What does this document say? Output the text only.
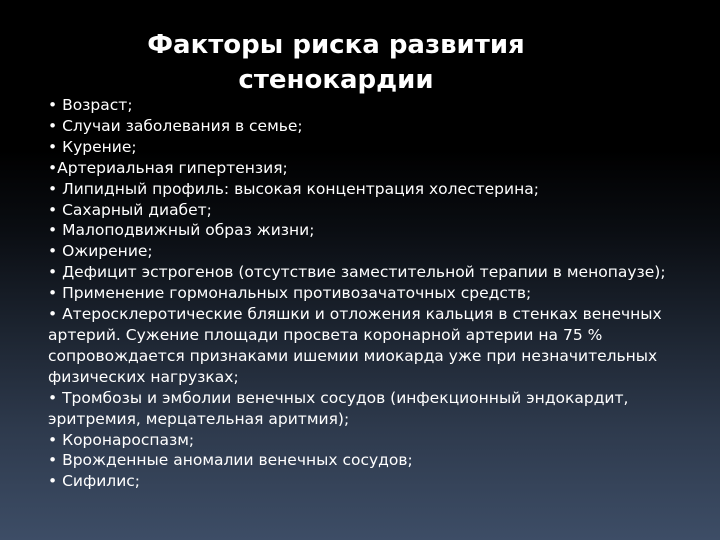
Факторы риска развития
стенокардии
• Возраст;
• Случаи заболевания в семье;
• Курение;
•Артериальная гипертензия;
• Липидный профиль: высокая концентрация холестерина;
• Сахарный диабет;
• Малоподвижный образ жизни;
• Ожирение;
• Дефицит эстрогенов (отсутствие заместительной терапии в менопаузе);
• Применение гормональных противозачаточных средств;
• Атеросклеротические бляшки и отложения кальция в стенках венечных артерий. Сужение площади просвета коронарной артерии на 75 % сопровождается признаками ишемии миокарда уже при незначительных физических нагрузках;
• Тромбозы и эмболии венечных сосудов (инфекционный эндокардит, эритремия, мерцательная аритмия);
• Коронароспазм;
• Врожденные аномалии венечных сосудов;
• Сифилис;
